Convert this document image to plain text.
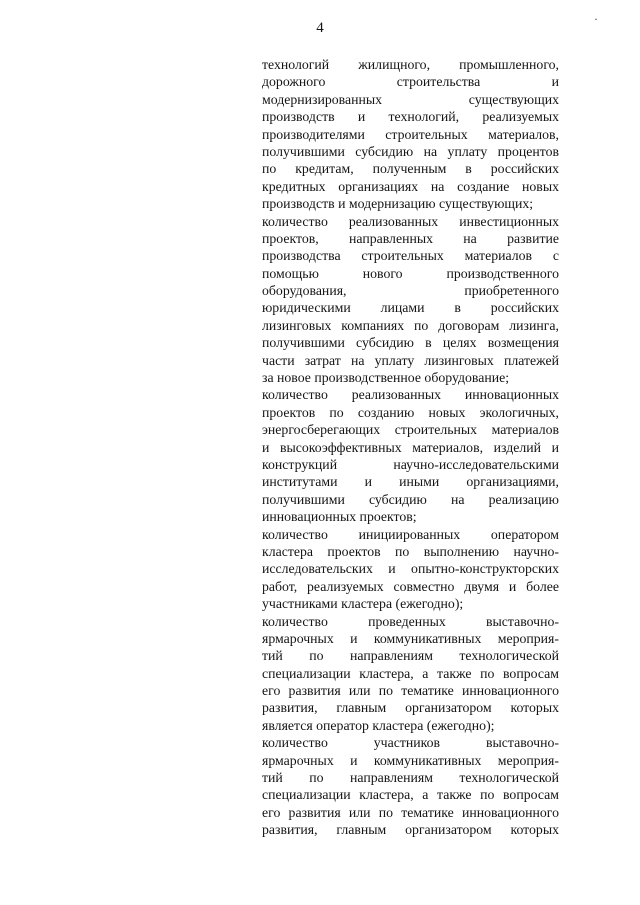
4
·
технологий жилищного, промышленного,
дорожного строительства и
модернизированных существующих
производств и технологий, реализуемых
производителями строительных материалов,
получившими субсидию на уплату процентов
по кредитам, полученным в российских
кредитных организациях на создание новых
производств и модернизацию существующих;
количество реализованных инвестиционных
проектов, направленных на развитие
производства строительных материалов с
помощью нового производственного
оборудования, приобретенного
юридическими лицами в российских
лизинговых компаниях по договорам лизинга,
получившими субсидию в целях возмещения
части затрат на уплату лизинговых платежей
за новое производственное оборудование;
количество реализованных инновационных
проектов по созданию новых экологичных,
энергосберегающих строительных материалов
и высокоэффективных материалов, изделий и
конструкций научно-исследовательскими
институтами и иными организациями,
получившими субсидию на реализацию
инновационных проектов;
количество инициированных оператором
кластера проектов по выполнению научно-
исследовательских и опытно-конструкторских
работ, реализуемых совместно двумя и более
участниками кластера (ежегодно);
количество проведенных выставочно-
ярмарочных и коммуникативных мероприя-
тий по направлениям технологической
специализации кластера, а также по вопросам
его развития или по тематике инновационного
развития, главным организатором которых
является оператор кластера (ежегодно);
количество участников выставочно-
ярмарочных и коммуникативных мероприя-
тий по направлениям технологической
специализации кластера, а также по вопросам
его развития или по тематике инновационного
развития, главным организатором которых
